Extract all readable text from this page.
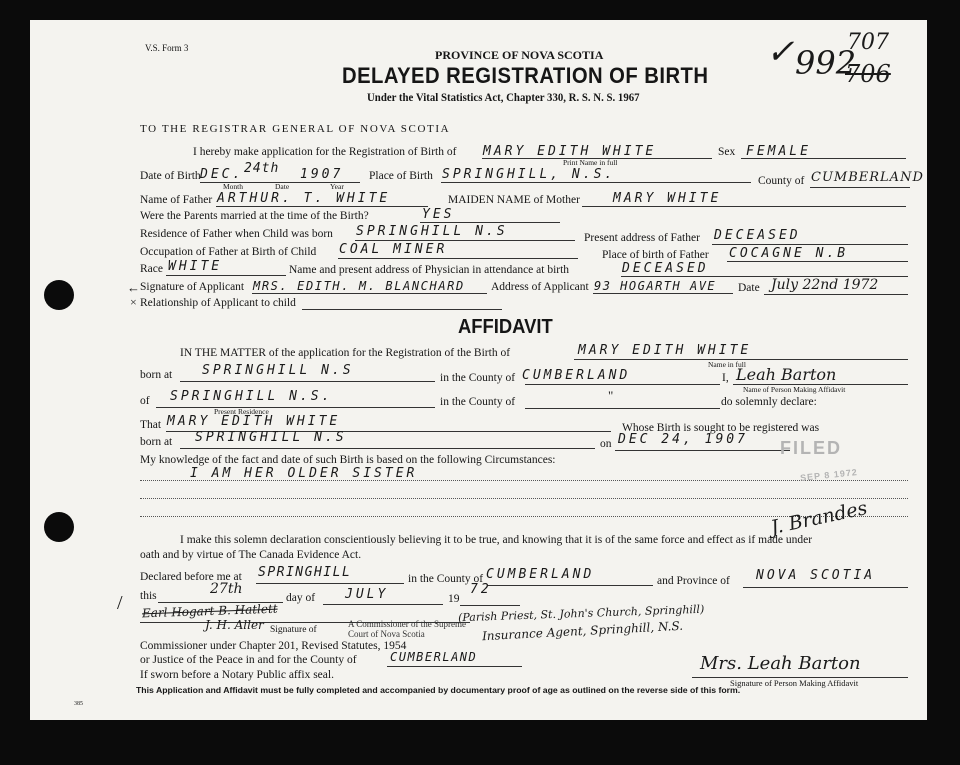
V.S. Form 3	PROVINCE OF NOVA SCOTIA
DELAYED REGISTRATION OF BIRTH
Under the Vital Statistics Act, Chapter 330, R. S. N. S. 1967
✓ 992
706
707
TO THE REGISTRAR GENERAL OF NOVA SCOTIA
I hereby make application for the Registration of Birth of MARY EDITH WHITE
Print Name in full
Sex FEMALE
Date of Birth DEC. 24th 1907
Month	Date	Year
Place of Birth SPRINGHILL, N.S.	County of CUMBERLAND
Name of Father ARTHUR. T. WHITE	MAIDEN NAME of Mother	MARY WHITE
Were the Parents married at the time of the Birth?	YES
Residence of Father when Child was born SPRINGHILL N.S	Present address of Father DECEASED
Occupation of Father at Birth of Child COAL MINER	Place of birth of Father COCAGNE N.B
Race WHITE	Name and present address of Physician in attendance at birth	DECEASED
← Signature of Applicant MRS. EDITH. M. BLANCHARD Address of Applicant 93 HOGARTH AVE Date July 22nd 1972
× Relationship of Applicant to child
AFFIDAVIT
IN THE MATTER of the application for the Registration of the Birth of	MARY EDITH WHITE
Name in full
born at SPRINGHILL N.S	in the County of CUMBERLAND	I, Leah Barton
Name of Person Making Affidavit
of SPRINGHILL N.S.
Present Residence
in the County of	"	do solemnly declare:
That MARY EDITH WHITE	Whose Birth is sought to be registered was
born at SPRINGHILL N.S	on DEC 24, 1907
My knowledge of the fact and date of such Birth is based on the following Circumstances:
I AM HER OLDER SISTER
FILED
SEP 8 1972
J. Brandes
I make this solemn declaration conscientiously believing it to be true, and knowing that it is of the same force and effect as if made under
oath and by virtue of The Canada Evidence Act.
Declared before me at SPRINGHILL	in the County of CUMBERLAND	and Province of NOVA SCOTIA
this	27th
day of JULY	19
72
/ Earl Hogart B. Hatlett	(Parish Priest, St. John's Church, Springhill)
J. H. Aller	Insurance Agent, Springhill, N.S.
Signature of
A Commissioner of the Supreme Court of Nova Scotia
Commissioner under Chapter 201, Revised Statutes, 1954
or Justice of the Peace in and for the County of	CUMBERLAND
If sworn before a Notary Public affix seal.
Mrs. Leah Barton
Signature of Person Making Affidavit
This Application and Affidavit must be fully completed and accompanied by documentary proof of age as outlined on the reverse side of this form.
385
